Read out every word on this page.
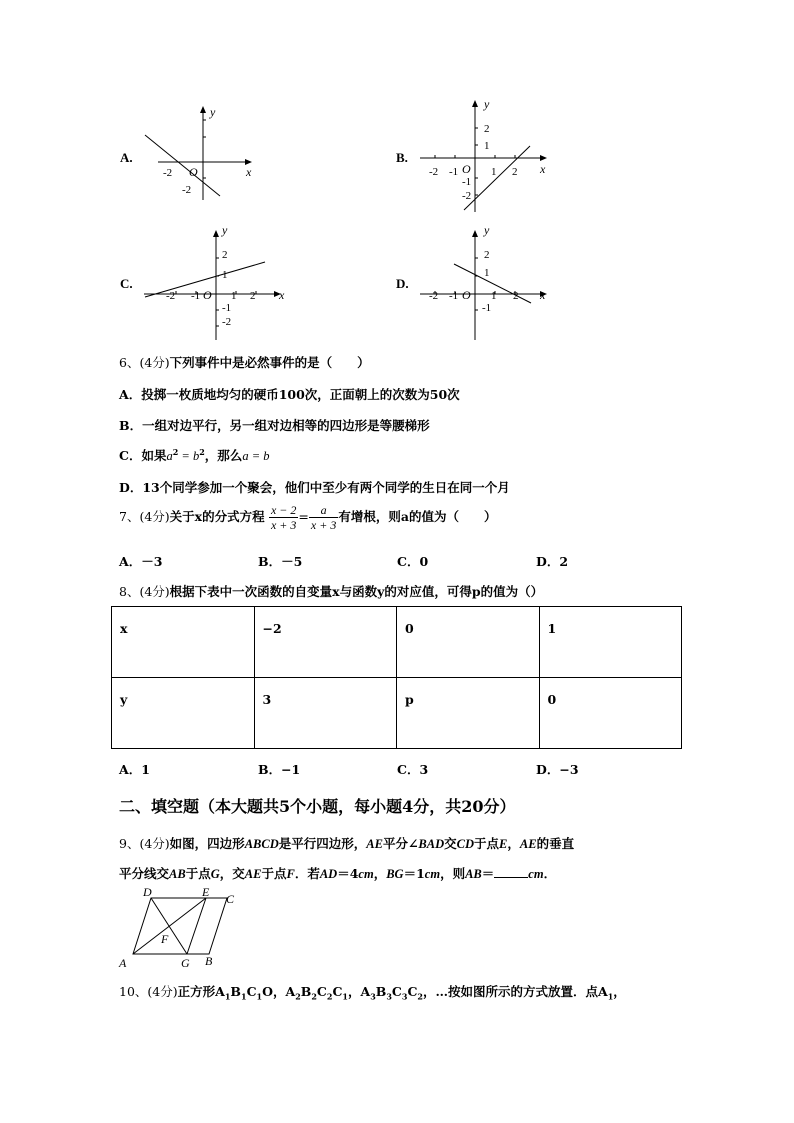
A.
-2
-2
O	x
y
B.
-2 -1	1 2
2
1
-1
-2
O	x
y
C.
-2 -1	1 2
2
1
-1
-2
O	x
y
D.
-2 -1	1 2
2
1
-1
O	x
y
6、(4分)下列事件中是必然事件的是（　　）
A．投掷一枚质地均匀的硬币100次，正面朝上的次数为50次
B．一组对边平行，另一组对边相等的四边形是等腰梯形
C．如果$a^2 = b^2$，那么a = b
D．13个同学参加一个聚会，他们中至少有两个同学的生日在同一个月
7、(4分)关于x的分式方程 $\frac{x - 2}{x + 3} = \frac{a}{x + 3}$ 有增根，则a的值为（　　）
A．－3	B．－5	C．0	D．2
8、(4分)根据下表中一次函数的自变量x与函数y的对应值，可得p的值为（）
x	−2	0	1
y	3	p	0
A．1	B．−1	C．3	D．−3
二、填空题（本大题共5个小题，每小题4分，共20分）
9、(4分)如图，四边形ABCD是平行四边形，AE平分∠BAD交CD于点E，AE的垂直
平分线交AB于点G，交AE于点F．若AD＝4cm，BG＝1cm，则AB＝	cm．
A	G B
C
D	E
F
10、(4分)正方形$A_1B_1C_1O$，$A_2B_2C_2C_1$，$A_3B_3C_3C_2$，…按如图所示的方式放置．点$A_1$，
